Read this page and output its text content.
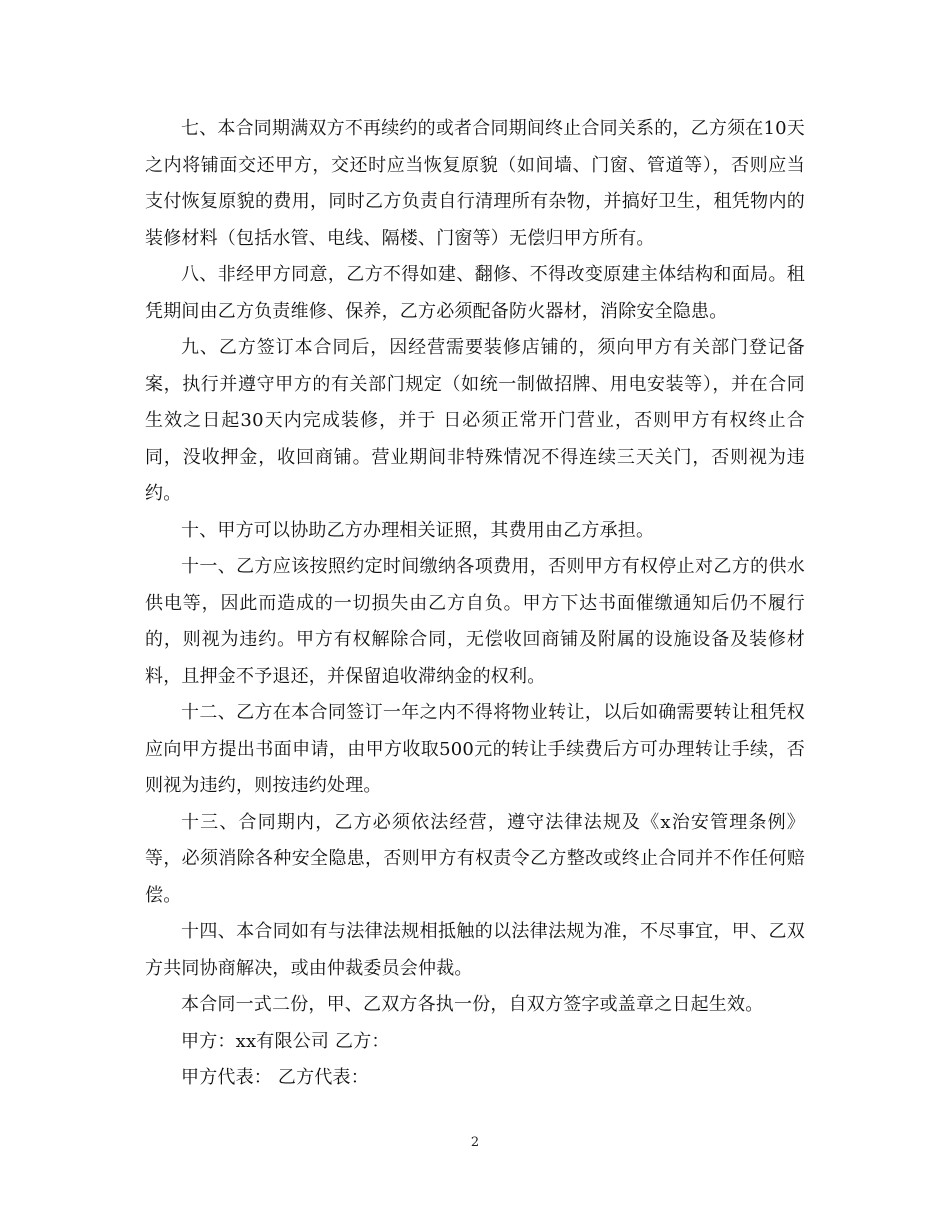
七、本合同期满双方不再续约的或者合同期间终止合同关系的，乙方须在10天之内将铺面交还甲方，交还时应当恢复原貌（如间墙、门窗、管道等），否则应当支付恢复原貌的费用，同时乙方负责自行清理所有杂物，并搞好卫生，租凭物内的装修材料（包括水管、电线、隔楼、门窗等）无偿归甲方所有。

八、非经甲方同意，乙方不得如建、翻修、不得改变原建主体结构和面局。租凭期间由乙方负责维修、保养，乙方必须配备防火器材，消除安全隐患。

九、乙方签订本合同后，因经营需要装修店铺的，须向甲方有关部门登记备案，执行并遵守甲方的有关部门规定（如统一制做招牌、用电安装等），并在合同生效之日起30天内完成装修，并于 日必须正常开门营业，否则甲方有权终止合同，没收押金，收回商铺。营业期间非特殊情况不得连续三天关门，否则视为违约。

十、甲方可以协助乙方办理相关证照，其费用由乙方承担。

十一、乙方应该按照约定时间缴纳各项费用，否则甲方有权停止对乙方的供水供电等，因此而造成的一切损失由乙方自负。甲方下达书面催缴通知后仍不履行的，则视为违约。甲方有权解除合同，无偿收回商铺及附属的设施设备及装修材料，且押金不予退还，并保留追收滞纳金的权利。

十二、乙方在本合同签订一年之内不得将物业转让，以后如确需要转让租凭权应向甲方提出书面申请，由甲方收取500元的转让手续费后方可办理转让手续，否则视为违约，则按违约处理。

十三、合同期内，乙方必须依法经营，遵守法律法规及《x治安管理条例》等，必须消除各种安全隐患，否则甲方有权责令乙方整改或终止合同并不作任何赔偿。

十四、本合同如有与法律法规相抵触的以法律法规为准，不尽事宜，甲、乙双方共同协商解决，或由仲裁委员会仲裁。

本合同一式二份，甲、乙双方各执一份，自双方签字或盖章之日起生效。

甲方：xx有限公司 乙方：

甲方代表： 乙方代表：

2
